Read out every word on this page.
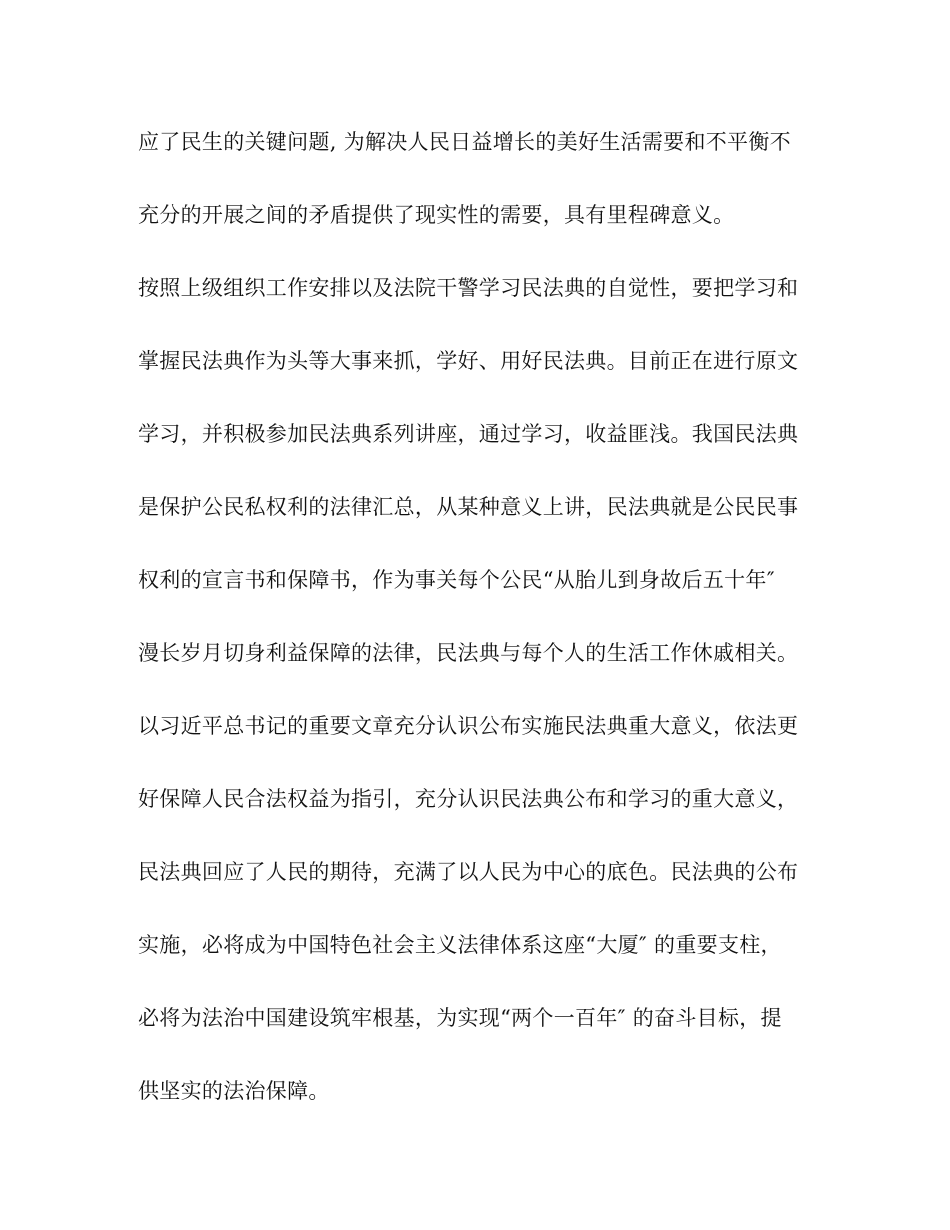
应了民生的关键问题, 为解决人民日益增长的美好生活需要和不平衡不
充分的开展之间的矛盾提供了现实性的需要，具有里程碑意义。
按照上级组织工作安排以及法院干警学习民法典的自觉性，要把学习和
掌握民法典作为头等大事来抓，学好、用好民法典。目前正在进行原文
学习，并积极参加民法典系列讲座，通过学习，收益匪浅。我国民法典
是保护公民私权利的法律汇总，从某种意义上讲，民法典就是公民民事
权利的宣言书和保障书，作为事关每个公民“从胎儿到身故后五十年″
漫长岁月切身利益保障的法律，民法典与每个人的生活工作休戚相关。
以习近平总书记的重要文章充分认识公布实施民法典重大意义，依法更
好保障人民合法权益为指引，充分认识民法典公布和学习的重大意义，
民法典回应了人民的期待，充满了以人民为中心的底色。民法典的公布
实施，必将成为中国特色社会主义法律体系这座“大厦″ 的重要支柱，
必将为法治中国建设筑牢根基，为实现“两个一百年″ 的奋斗目标，提
供坚实的法治保障。
